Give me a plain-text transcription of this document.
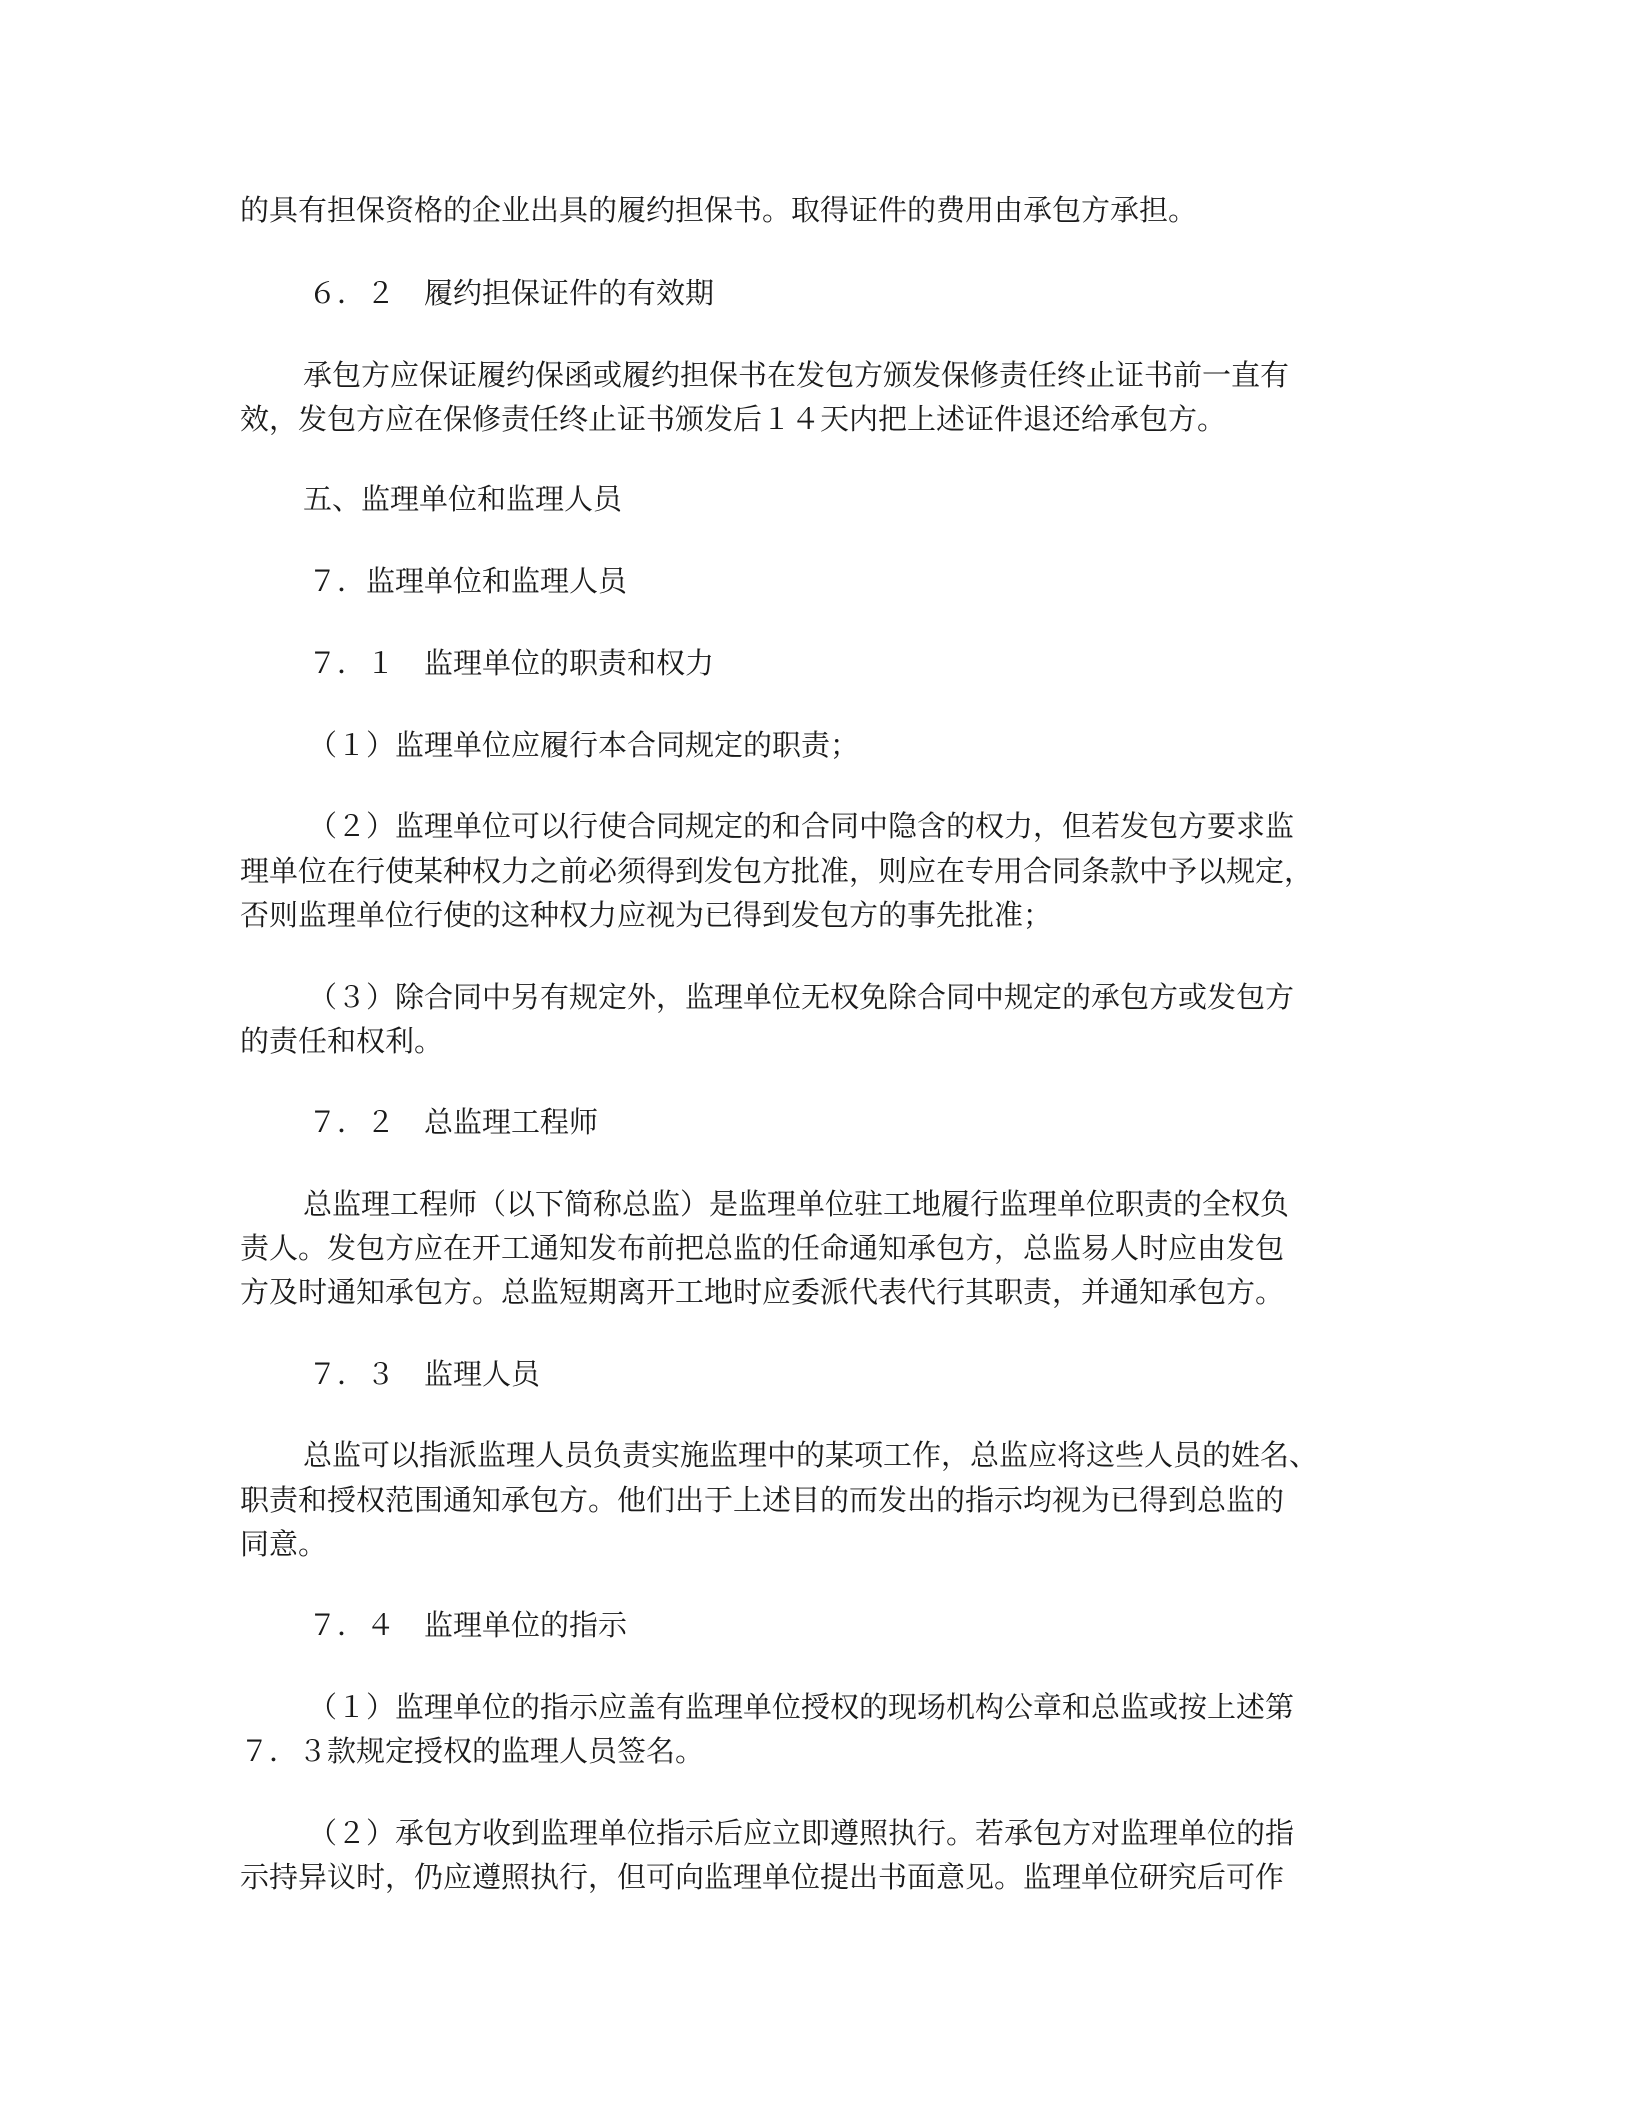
的具有担保资格的企业出具的履约担保书。取得证件的费用由承包方承担。
６．２　履约担保证件的有效期
承包方应保证履约保函或履约担保书在发包方颁发保修责任终止证书前一直有
效，发包方应在保修责任终止证书颁发后１４天内把上述证件退还给承包方。
五、监理单位和监理人员
７．监理单位和监理人员
７．１　监理单位的职责和权力
（１）监理单位应履行本合同规定的职责；
（２）监理单位可以行使合同规定的和合同中隐含的权力，但若发包方要求监
理单位在行使某种权力之前必须得到发包方批准，则应在专用合同条款中予以规定，
否则监理单位行使的这种权力应视为已得到发包方的事先批准；
（３）除合同中另有规定外，监理单位无权免除合同中规定的承包方或发包方
的责任和权利。
７．２　总监理工程师
总监理工程师（以下简称总监）是监理单位驻工地履行监理单位职责的全权负
责人。发包方应在开工通知发布前把总监的任命通知承包方，总监易人时应由发包
方及时通知承包方。总监短期离开工地时应委派代表代行其职责，并通知承包方。
７．３　监理人员
总监可以指派监理人员负责实施监理中的某项工作，总监应将这些人员的姓名、
职责和授权范围通知承包方。他们出于上述目的而发出的指示均视为已得到总监的
同意。
７．４　监理单位的指示
（１）监理单位的指示应盖有监理单位授权的现场机构公章和总监或按上述第
７．３款规定授权的监理人员签名。
（２）承包方收到监理单位指示后应立即遵照执行。若承包方对监理单位的指
示持异议时，仍应遵照执行，但可向监理单位提出书面意见。监理单位研究后可作
